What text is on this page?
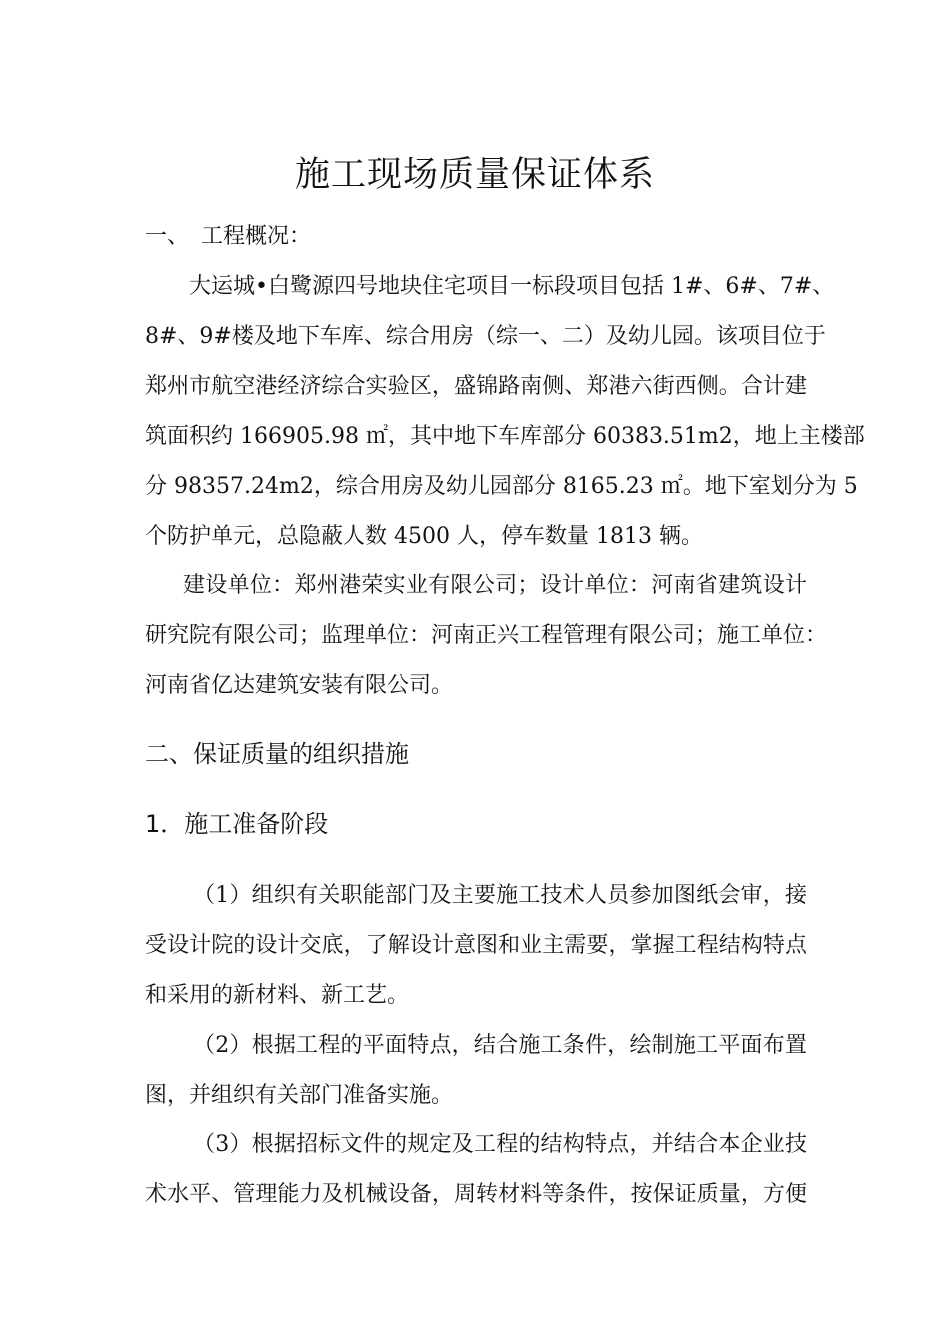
施工现场质量保证体系
一、 工程概况：
大运城•白鹭源四号地块住宅项目一标段项目包括 1#、6#、7#、
8#、9#楼及地下车库、综合用房（综一、二）及幼儿园。该项目位于
郑州市航空港经济综合实验区，盛锦路南侧、郑港六街西侧。合计建
筑面积约 166905.98 ㎡，其中地下车库部分 60383.51m2，地上主楼部
分 98357.24m2，综合用房及幼儿园部分 8165.23 ㎡。地下室划分为 5
个防护单元，总隐蔽人数 4500 人，停车数量 1813 辆。
建设单位：郑州港荣实业有限公司；设计单位：河南省建筑设计
研究院有限公司；监理单位：河南正兴工程管理有限公司；施工单位：
河南省亿达建筑安装有限公司。
二、保证质量的组织措施
1．施工准备阶段
（1）组织有关职能部门及主要施工技术人员参加图纸会审，接
受设计院的设计交底，了解设计意图和业主需要，掌握工程结构特点
和采用的新材料、新工艺。
（2）根据工程的平面特点，结合施工条件，绘制施工平面布置
图，并组织有关部门准备实施。
（3）根据招标文件的规定及工程的结构特点，并结合本企业技
术水平、管理能力及机械设备，周转材料等条件，按保证质量，方便
